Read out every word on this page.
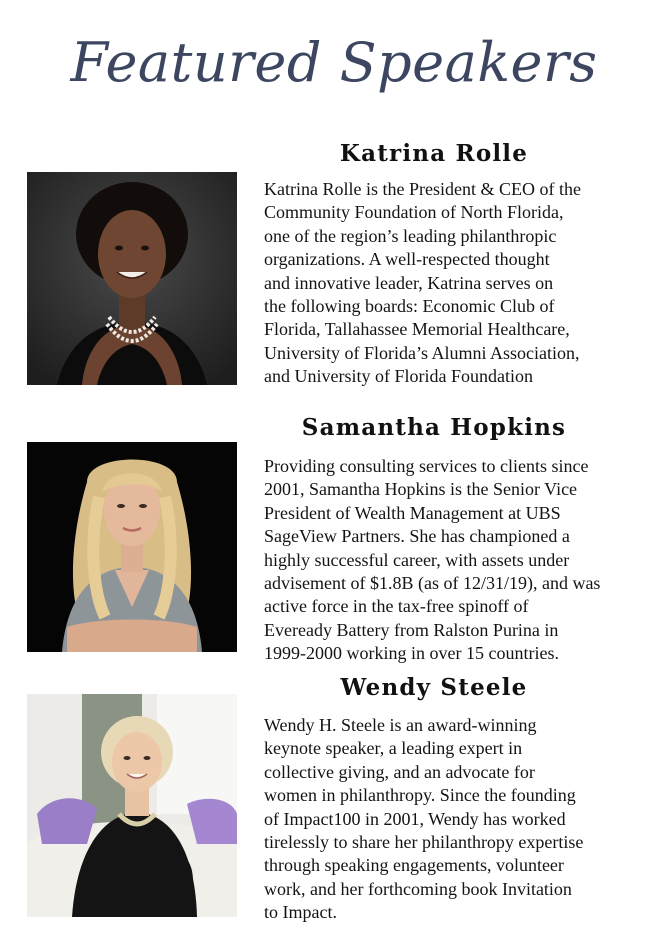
Featured Speakers
Katrina Rolle

Katrina Rolle is the President & CEO of the
Community Foundation of North Florida,
one of the region’s leading philanthropic
organizations. A well-respected thought
and innovative leader, Katrina serves on
the following boards: Economic Club of
Florida, Tallahassee Memorial Healthcare,
University of Florida’s Alumni Association,
and University of Florida Foundation

Samantha Hopkins

Providing consulting services to clients since
2001, Samantha Hopkins is the Senior Vice
President of Wealth Management at UBS
SageView Partners. She has championed a
highly successful career, with assets under
advisement of $1.8B (as of 12/31/19), and was
active force in the tax-free spinoff of
Eveready Battery from Ralston Purina in
1999-2000 working in over 15 countries.

Wendy Steele

Wendy H. Steele is an award-winning
keynote speaker, a leading expert in
collective giving, and an advocate for
women in philanthropy. Since the founding
of Impact100 in 2001, Wendy has worked
tirelessly to share her philanthropy expertise
through speaking engagements, volunteer
work, and her forthcoming book Invitation
to Impact.
